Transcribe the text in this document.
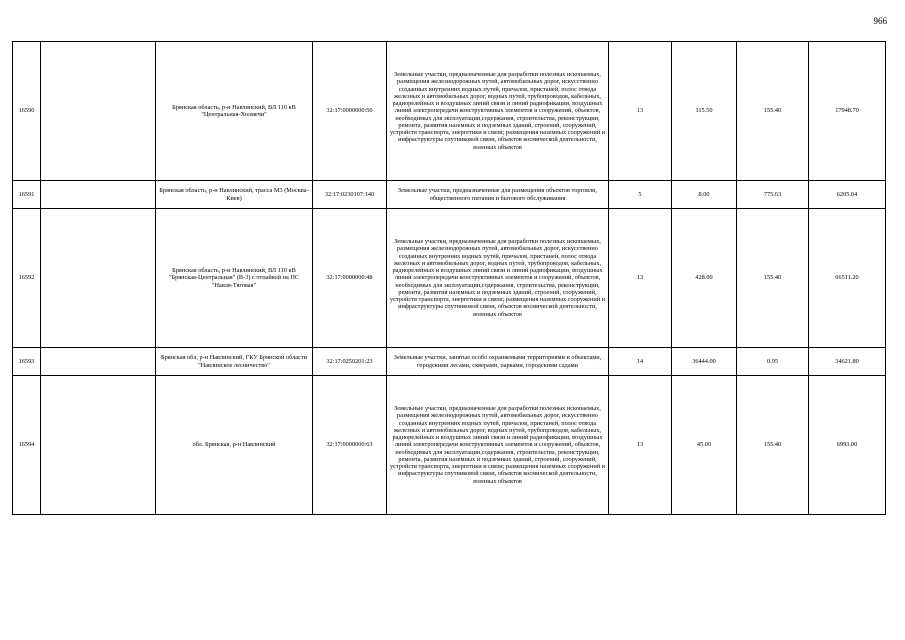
966
16590		Брянская область, р-н Навлинский, ВЛ 110 кВ "Центральная-Холмечи"	32:17:0000000:50	Земельные участки, предназначенные для разработки полезных ископаемых, размещения железнодорожных путей, автомобильных дорог, искусственно созданных внутренних водных путей, причалов, пристаней, полос отвода железных и автомобильных дорог, водных путей, трубопроводов, кабельных, радиорелейных и воздушных линий связи и линий радиофикации, воздушных линий электропередачи конструктивных элементов и сооружений, объектов, необходимых для эксплуатации,содержания, строительства, реконструкции, ремонта, развития наземных и подземных зданий, строений, сооружений, устройств транспорта, энергетики и связи; размещения наземных сооружений и инфраструктуры спутниковой связи, объектов космической деятельности, военных объектов	13	115.50	155.40	17948.70
16591		Брянская область, р-н Навлинский, трасса М3 (Москва-Киев)	32:17:0230107:140	Земельные участки, предназначенные для размещения объектов торговли, общественного питания и бытового обслуживания	5	8.00	775.63	6205.04
16592		Брянская область, р-н Навлинский, ВЛ 110 кВ "Брянская-Центральная" (В-3) с отпайкой на ПС "Навля-Тяговая"	32:17:0000000:48	Земельные участки, предназначенные для разработки полезных ископаемых, размещения железнодорожных путей, автомобильных дорог, искусственно созданных внутренних водных путей, причалов, пристаней, полос отвода железных и автомобильных дорог, водных путей, трубопроводов, кабельных, радиорелейных и воздушных линий связи и линий радиофикации, воздушных линий электропередачи конструктивных элементов и сооружений, объектов, необходимых для эксплуатации,содержания, строительства, реконструкции, ремонта, развития наземных и подземных зданий, строений, сооружений, устройств транспорта, энергетики и связи; размещения наземных сооружений и инфраструктуры спутниковой связи, объектов космической деятельности, военных объектов	13	428.00	155.40	66511.20
16593		Брянская обл, р-н Навлинский, ГКУ Брянской области "Навлинское лесничество"	32:17:0250201:23	Земельные участки, занятые особо охраняемыми территориями и объектами, городскими лесами, скверами, парками, городскими садами	14	36444.00	0.95	34621.80
16594		обл. Брянская, р-н Навлинский	32:17:0000000:63	Земельные участки, предназначенные для разработки полезных ископаемых, размещения железнодорожных путей, автомобильных дорог, искусственно созданных внутренних водных путей, причалов, пристаней, полос отвода железных и автомобильных дорог, водных путей, трубопроводов, кабельных, радиорелейных и воздушных линий связи и линий радиофикации, воздушных линий электропередачи конструктивных элементов и сооружений, объектов, необходимых для эксплуатации,содержания, строительства, реконструкции, ремонта, развития наземных и подземных зданий, строений, сооружений, устройств транспорта, энергетики и связи; размещения наземных сооружений и инфраструктуры спутниковой связи, объектов космической деятельности, военных объектов	13	45.00	155.40	6993.00
